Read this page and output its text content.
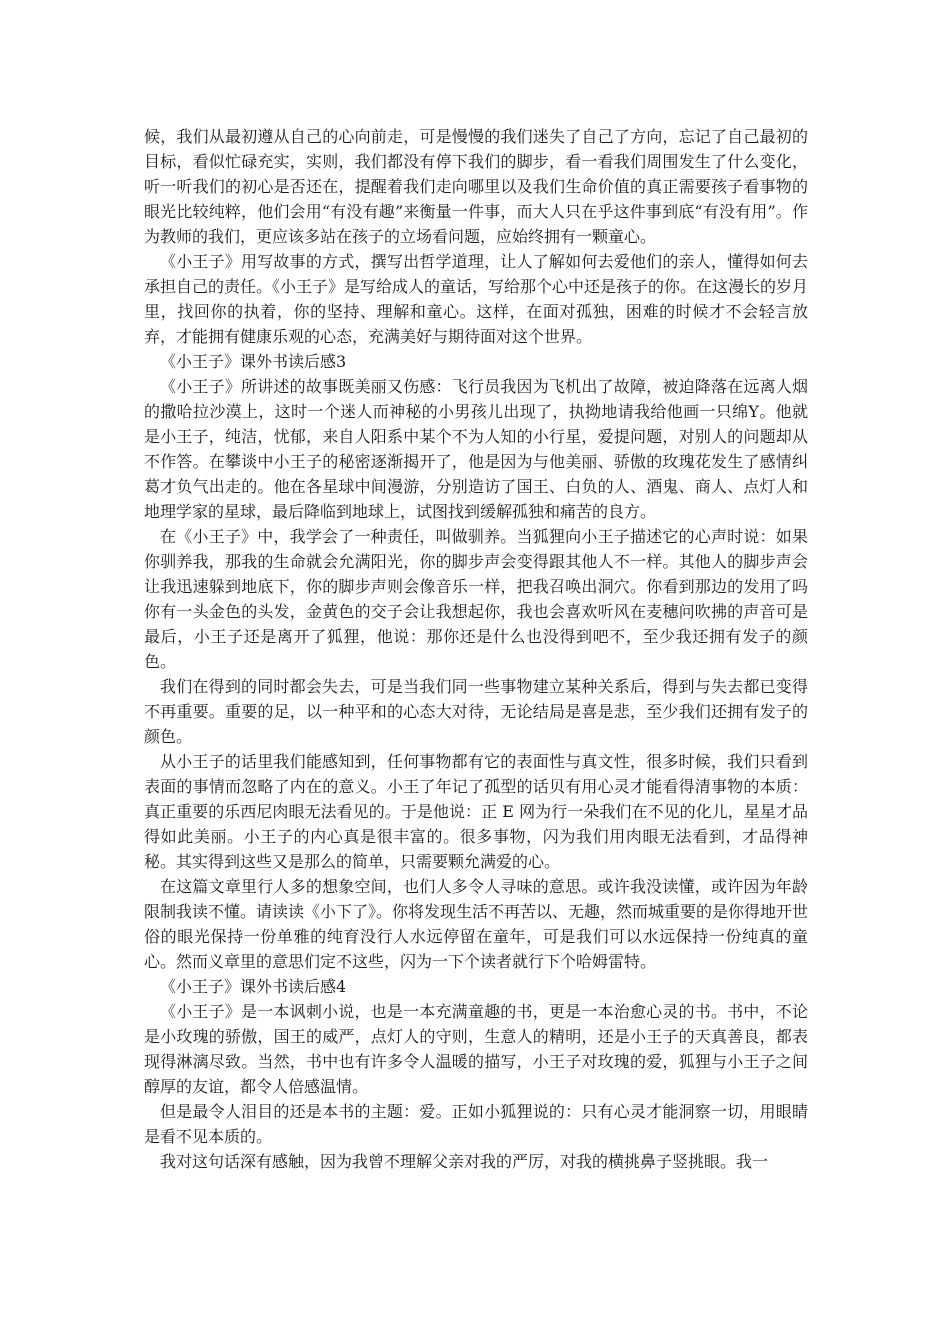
候，我们从最初遵从自己的心向前走，可是慢慢的我们迷失了自己了方向，忘记了自己最初的目标，看似忙碌充实，实则，我们都没有停下我们的脚步，看一看我们周围发生了什么变化，听一听我们的初心是否还在，提醒着我们走向哪里以及我们生命价值的真正需要孩子看事物的眼光比较纯粹，他们会用“有没有趣”来衡量一件事，而大人只在乎这件事到底“有没有用”。作为教师的我们，更应该多站在孩子的立场看问题，应始终拥有一颗童心。

《小王子》用写故事的方式，撰写出哲学道理，让人了解如何去爱他们的亲人，懂得如何去承担自己的责任。《小王子》是写给成人的童话，写给那个心中还是孩子的你。在这漫长的岁月里，找回你的执着，你的坚持、理解和童心。这样，在面对孤独，困难的时候才不会轻言放弃，才能拥有健康乐观的心态，充满美好与期待面对这个世界。

《小王子》课外书读后感3

《小王子》所讲述的故事既美丽又伤感：飞行员我因为飞机出了故障，被迫降落在远离人烟的撒哈拉沙漠上，这时一个迷人而神秘的小男孩儿出现了，执拗地请我给他画一只绵Y。他就是小王子，纯洁，忧郁，来自人阳系中某个不为人知的小行星，爱提问题，对别人的问题却从不作答。在攀谈中小王子的秘密逐渐揭开了，他是因为与他美丽、骄傲的玫瑰花发生了感情纠葛才负气出走的。他在各星球中间漫游，分别造访了国王、白负的人、酒鬼、商人、点灯人和地理学家的星球，最后降临到地球上，试图找到缓解孤独和痛苦的良方。

在《小王子》中，我学会了一种责任，叫做驯养。当狐狸向小王子描述它的心声时说：如果你驯养我，那我的生命就会允满阳光，你的脚步声会变得跟其他人不一样。其他人的脚步声会让我迅速躲到地底下，你的脚步声则会像音乐一样，把我召唤出洞穴。你看到那边的发用了吗你有一头金色的头发，金黄色的交子会让我想起你，我也会喜欢听风在麦穗问吹拂的声音可是最后，小王子还是离开了狐狸，他说：那你还是什么也没得到吧不，至少我还拥有发子的颜色。

我们在得到的同时都会失去，可是当我们同一些事物建立某种关系后，得到与失去都已变得不再重要。重要的足，以一种平和的心态大对待，无论结局是喜是悲，至少我们还拥有发子的颜色。

从小王子的话里我们能感知到，任何事物都有它的表面性与真文性，很多时候，我们只看到表面的事情而忽略了内在的意义。小王了年记了孤型的话贝有用心灵才能看得清事物的本质：真正重要的乐西尼肉眼无法看见的。于是他说：正 E 网为行一朵我们在不见的化儿，星星才品得如此美丽。小王子的内心真是很丰富的。很多事物，闪为我们用肉眼无法看到，才品得神秘。其实得到这些又是那么的简单，只需要颗允满爱的心。

在这篇文章里行人多的想象空间，也们人多令人寻味的意思。或许我没读懂，或许因为年龄限制我读不懂。请读读《小下了》。你将发现生活不再苦以、无趣，然而城重要的是你得地开世俗的眼光保持一份单雅的纯育没行人水远停留在童年，可是我们可以水远保持一份纯真的童心。然而义章里的意思们定不这些，闪为一下个读者就行下个哈姆雷特。

《小王子》课外书读后感4

《小王子》是一本讽刺小说，也是一本充满童趣的书，更是一本治愈心灵的书。书中，不论是小玫瑰的骄傲，国王的威严，点灯人的守则，生意人的精明，还是小王子的天真善良，都表现得淋漓尽致。当然，书中也有许多令人温暖的描写，小王子对玫瑰的爱，狐狸与小王子之间醇厚的友谊，都令人倍感温情。

但是最令人泪目的还是本书的主题：爱。正如小狐狸说的：只有心灵才能洞察一切，用眼睛是看不见本质的。

我对这句话深有感触，因为我曾不理解父亲对我的严厉，对我的横挑鼻子竖挑眼。我一
